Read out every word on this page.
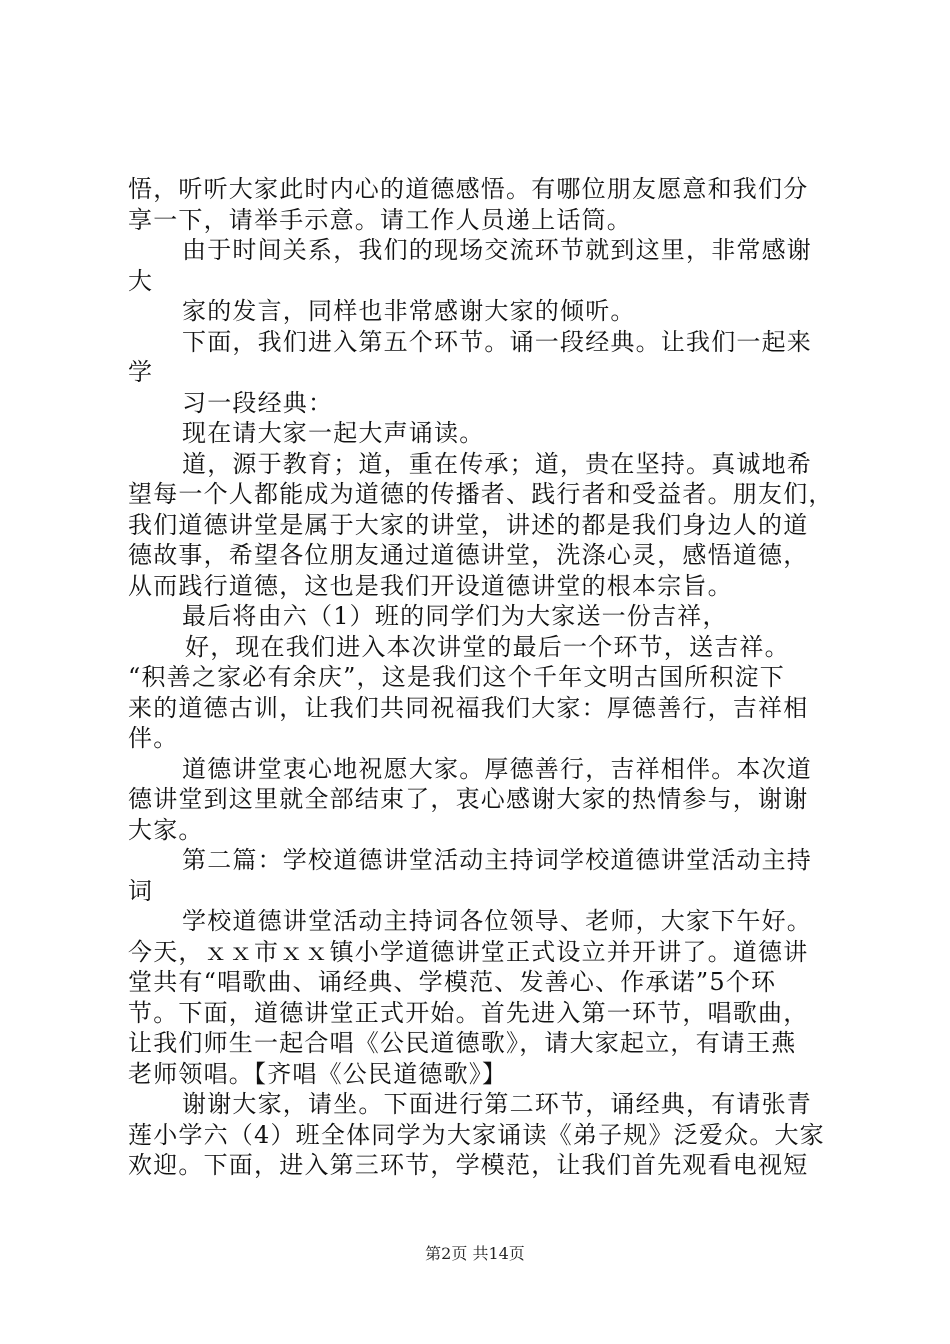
悟，听听大家此时内心的道德感悟。有哪位朋友愿意和我们分
享一下，请举手示意。请工作人员递上话筒。
由于时间关系，我们的现场交流环节就到这里，非常感谢
大
家的发言，同样也非常感谢大家的倾听。
下面，我们进入第五个环节。诵一段经典。让我们一起来
学
习一段经典：
现在请大家一起大声诵读。
道，源于教育；道，重在传承；道，贵在坚持。真诚地希
望每一个人都能成为道德的传播者、践行者和受益者。朋友们，
我们道德讲堂是属于大家的讲堂，讲述的都是我们身边人的道
德故事，希望各位朋友通过道德讲堂，洗涤心灵，感悟道德，
从而践行道德，这也是我们开设道德讲堂的根本宗旨。
最后将由六（1）班的同学们为大家送一份吉祥，
好，现在我们进入本次讲堂的最后一个环节，送吉祥。
“积善之家必有余庆”，这是我们这个千年文明古国所积淀下
来的道德古训，让我们共同祝福我们大家：厚德善行，吉祥相
伴。
道德讲堂衷心地祝愿大家。厚德善行，吉祥相伴。本次道
德讲堂到这里就全部结束了，衷心感谢大家的热情参与，谢谢
大家。
第二篇：学校道德讲堂活动主持词学校道德讲堂活动主持
词
学校道德讲堂活动主持词各位领导、老师，大家下午好。
今天，ｘｘ市ｘｘ镇小学道德讲堂正式设立并开讲了。道德讲
堂共有“唱歌曲、诵经典、学模范、发善心、作承诺”5个环
节。下面，道德讲堂正式开始。首先进入第一环节，唱歌曲，
让我们师生一起合唱《公民道德歌》，请大家起立，有请王燕
老师领唱。【齐唱《公民道德歌》】
谢谢大家，请坐。下面进行第二环节，诵经典，有请张青
莲小学六（4）班全体同学为大家诵读《弟子规》泛爱众。大家
欢迎。下面，进入第三环节，学模范，让我们首先观看电视短
第2页 共14页
